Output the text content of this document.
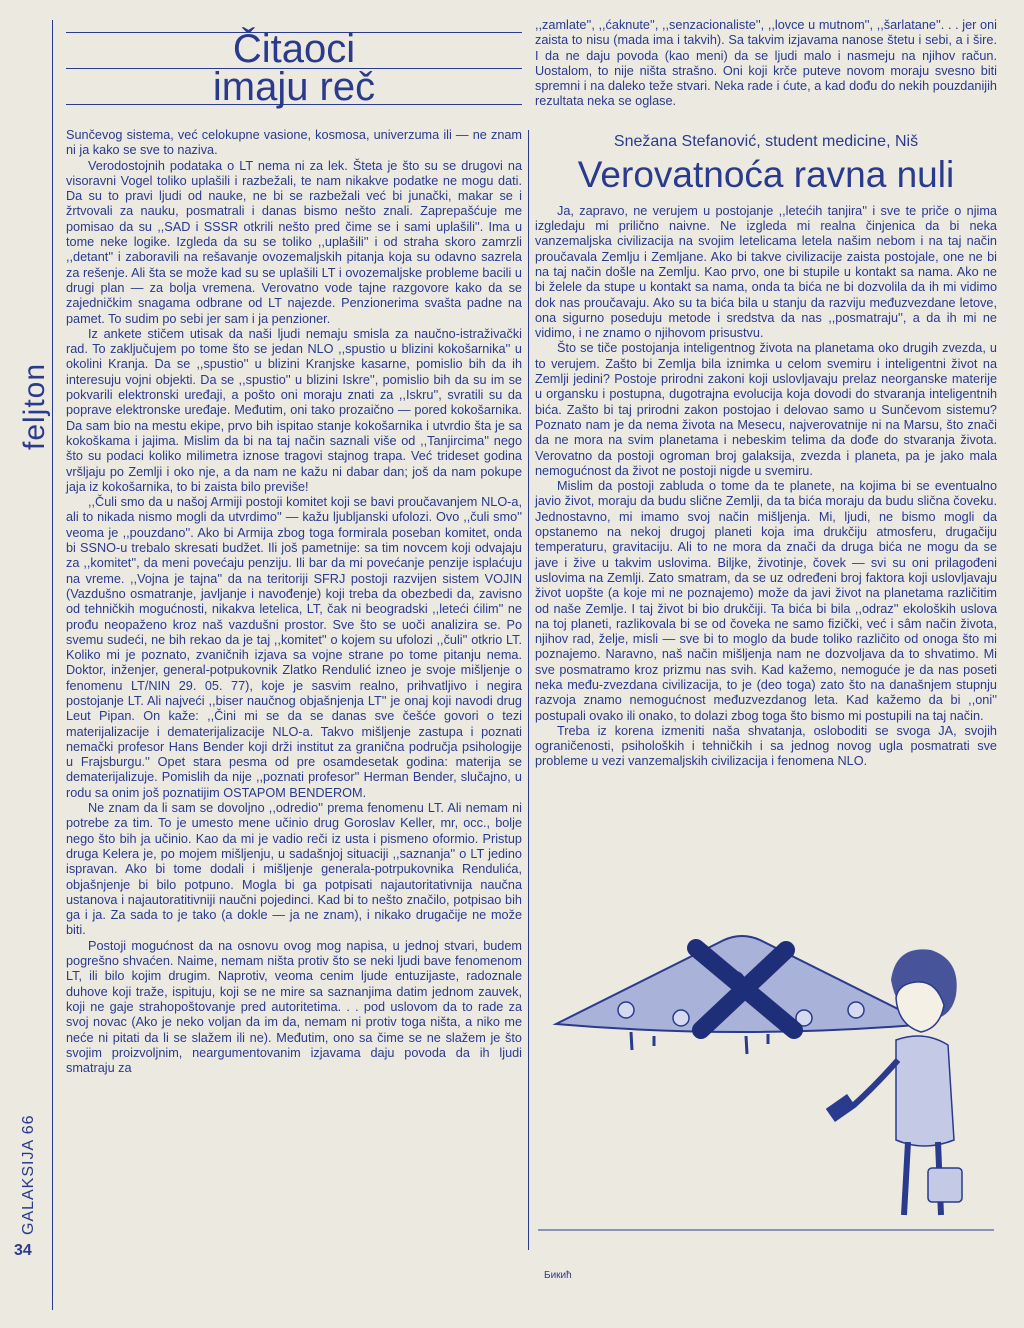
feljton
GALAKSIJA 66
34
Čitaoci
imaju reč

Sunčevog sistema, već celokupne vasione, kosmosa, univerzuma ili — ne znam ni ja kako se sve to naziva.

Verodostojnih podataka o LT nema ni za lek. Šteta je što su se drugovi na visoravni Vogel toliko uplašili i razbežali, te nam nikakve podatke ne mogu dati. Da su to pravi ljudi od nauke, ne bi se razbežali već bi junački, makar se i žrtvovali za nauku, posmatrali i danas bismo nešto znali. Zaprepašćuje me pomisao da su ,,SAD i SSSR otkrili nešto pred čime se i sami uplašili''. Ima u tome neke logike. Izgleda da su se toliko ,,uplašili'' i od straha skoro zamrzli ,,detant'' i zaboravili na rešavanje ovozemaljskih pitanja koja su odavno sazrela za rešenje. Ali šta se može kad su se uplašili LT i ovozemaljske probleme bacili u drugi plan — za bolja vremena. Verovatno vode tajne razgovore kako da se zajedničkim snagama odbrane od LT najezde. Penzionerima svašta padne na pamet. To sudim po sebi jer sam i ja penzioner.

Iz ankete stičem utisak da naši ljudi nemaju smisla za naučno-istraživački rad. To zaključujem po tome što se jedan NLO ,,spustio u blizini kokošarnika'' u okolini Kranja. Da se ,,spustio'' u blizini Kranjske kasarne, pomislio bih da ih interesuju vojni objekti. Da se ,,spustio'' u blizini Iskre'', pomislio bih da su im se pokvarili elektronski uređaji, a pošto oni moraju znati za ,,Iskru'', svratili su da poprave elektronske uređaje. Međutim, oni tako prozaično — pored kokošarnika. Da sam bio na mestu ekipe, prvo bih ispitao stanje kokošarnika i utvrdio šta je sa kokoškama i jajima. Mislim da bi na taj način saznali više od ,,Tanjircima'' nego što su podaci koliko milimetra iznose tragovi stajnog trapa. Već trideset godina vršljaju po Zemlji i oko nje, a da nam ne kažu ni dabar dan; još da nam pokupe jaja iz kokošarnika, to bi zaista bilo previše!

,,Čuli smo da u našoj Armiji postoji komitet koji se bavi proučavanjem NLO-a, ali to nikada nismo mogli da utvrdimo'' — kažu ljubljanski ufolozi. Ovo ,,čuli smo'' veoma je ,,pouzdano''. Ako bi Armija zbog toga formirala poseban komitet, onda bi SSNO-u trebalo skresati budžet. Ili još pametnije: sa tim novcem koji odvajaju za ,,komitet'', da meni povećaju penziju. Ili bar da mi povećanje penzije isplaćuju na vreme. ,,Vojna je tajna'' da na teritoriji SFRJ postoji razvijen sistem VOJIN (Vazdušno osmatranje, javljanje i navođenje) koji treba da obezbedi da, zavisno od tehničkih mogućnosti, nikakva letelica, LT, čak ni beogradski ,,leteći ćilim'' ne prođu neopaženo kroz naš vazdušni prostor. Sve što se uoči analizira se. Po svemu sudeći, ne bih rekao da je taj ,,komitet'' o kojem su ufolozi ,,čuli'' otkrio LT. Koliko mi je poznato, zvaničnih izjava sa vojne strane po tome pitanju nema. Doktor, inženjer, general-potpukovnik Zlatko Rendulić izneo je svoje mišljenje o fenomenu LT/NIN 29. 05. 77), koje je sasvim realno, prihvatljivo i negira postojanje LT. Ali najveći ,,biser naučnog objašnjenja LT'' je onaj koji navodi drug Leut Pipan. On kaže: ,,Čini mi se da se danas sve češće govori o tezi materijalizacije i dematerijalizacije NLO-a. Takvo mišljenje zastupa i poznati nemački profesor Hans Bender koji drži institut za granična područja psihologije u Frajsburgu.'' Opet stara pesma od pre osamdesetak godina: materija se dematerijalizuje. Pomislih da nije ,,poznati profesor'' Herman Bender, slučajno, u rodu sa onim još poznatijim OSTAPOM BENDEROM.

Ne znam da li sam se dovoljno ,,odredio'' prema fenomenu LT. Ali nemam ni potrebe za tim. To je umesto mene učinio drug Goroslav Keller, mr, occ., bolje nego što bih ja učinio. Kao da mi je vadio reči iz usta i pismeno oformio. Pristup druga Kelera je, po mojem mišljenju, u sadašnjoj situaciji ,,saznanja'' o LT jedino ispravan. Ako bi tome dodali i mišljenje generala-potrpukovnika Rendulića, objašnjenje bi bilo potpuno. Mogla bi ga potpisati najautoritativnija naučna ustanova i najautoratitivniji naučni pojedinci. Kad bi to nešto značilo, potpisao bih ga i ja. Za sada to je tako (a dokle — ja ne znam), i nikako drugačije ne može biti.

Postoji mogućnost da na osnovu ovog mog napisa, u jednoj stvari, budem pogrešno shvaćen. Naime, nemam ništa protiv što se neki ljudi bave fenomenom LT, ili bilo kojim drugim. Naprotiv, veoma cenim ljude entuzijaste, radoznale duhove koji traže, ispituju, koji se ne mire sa saznanjima datim jednom zauvek, koji ne gaje strahopoštovanje pred autoritetima. . . pod uslovom da to rade za svoj novac (Ako je neko voljan da im da, nemam ni protiv toga ništa, a niko me neće ni pitati da li se slažem ili ne). Međutim, ono sa čime se ne slažem je što svojim proizvoljnim, neargumentovanim izjavama daju povoda da ih ljudi smatraju za

,,zamlate'', ,,ćaknute'', ,,senzacionaliste'', ,,lovce u mutnom'', ,,šarlatane''. . . jer oni zaista to nisu (mada ima i takvih). Sa takvim izjavama nanose štetu i sebi, a i šire. I da ne daju povoda (kao meni) da se ljudi malo i nasmeju na njihov račun. Uostalom, to nije ništa strašno. Oni koji krče puteve novom moraju svesno biti spremni i na daleko teže stvari. Neka rade i ćute, a kad dođu do nekih pouzdanijih rezultata neka se oglase.

Snežana Stefanović, student medicine, Niš
Verovatnoća ravna nuli

Ja, zapravo, ne verujem u postojanje ,,letećih tanjira'' i sve te priče o njima izgledaju mi prilično naivne. Ne izgleda mi realna činjenica da bi neka vanzemaljska civilizacija na svojim letelicama letela našim nebom i na taj način proučavala Zemlju i Zemljane. Ako bi takve civilizacije zaista postojale, one ne bi na taj način došle na Zemlju. Kao prvo, one bi stupile u kontakt sa nama. Ako ne bi želele da stupe u kontakt sa nama, onda ta bića ne bi dozvolila da ih mi vidimo dok nas proučavaju. Ako su ta bića bila u stanju da razviju međuzvezdane letove, ona sigurno poseduju metode i sredstva da nas ,,posmatraju'', a da ih mi ne vidimo, i ne znamo o njihovom prisustvu.

Što se tiče postojanja inteligentnog života na planetama oko drugih zvezda, u to verujem. Zašto bi Zemlja bila iznimka u celom svemiru i inteligentni život na Zemlji jedini? Postoje prirodni zakoni koji uslovljavaju prelaz neorganske materije u organsku i postupna, dugotrajna evolucija koja dovodi do stvaranja inteligentnih bića. Zašto bi taj prirodni zakon postojao i delovao samo u Sunčevom sistemu? Poznato nam je da nema života na Mesecu, najverovatnije ni na Marsu, što znači da ne mora na svim planetama i nebeskim telima da dođe do stvaranja života. Verovatno da postoji ogroman broj galaksija, zvezda i planeta, pa je jako mala nemogućnost da život ne postoji nigde u svemiru.

Mislim da postoji zabluda o tome da te planete, na kojima bi se eventualno javio život, moraju da budu slične Zemlji, da ta bića moraju da budu slična čoveku. Jednostavno, mi imamo svoj način mišljenja. Mi, ljudi, ne bismo mogli da opstanemo na nekoj drugoj planeti koja ima drukčiju atmosferu, drugačiju temperaturu, gravitaciju. Ali to ne mora da znači da druga bića ne mogu da se jave i žive u takvim uslovima. Biljke, životinje, čovek — svi su oni prilagođeni uslovima na Zemlji. Zato smatram, da se uz određeni broj faktora koji uslovljavaju život uopšte (a koje mi ne poznajemo) može da javi život na planetama različitim od naše Zemlje. I taj život bi bio drukčiji. Ta bića bi bila ,,odraz'' ekoloških uslova na toj planeti, razlikovala bi se od čoveka ne samo fizički, već i sâm način života, njihov rad, želje, misli — sve bi to moglo da bude toliko različito od onoga što mi poznajemo. Naravno, naš način mišljenja nam ne dozvoljava da to shvatimo. Mi sve posmatramo kroz prizmu nas svih. Kad kažemo, nemoguće je da nas poseti neka među-zvezdana civilizacija, to je (deo toga) zato što na današnjem stupnju razvoja znamo nemogućnost međuzvezdanog leta. Kad kažemo da bi ,,oni'' postupali ovako ili onako, to dolazi zbog toga što bismo mi postupili na taj način.

Treba iz korena izmeniti naša shvatanja, osloboditi se svoga JA, svojih ograničenosti, psiholoških i tehničkih i sa jednog novog ugla posmatrati sve probleme u vezi vanzemaljskih civilizacija i fenomena NLO.

Бикић
